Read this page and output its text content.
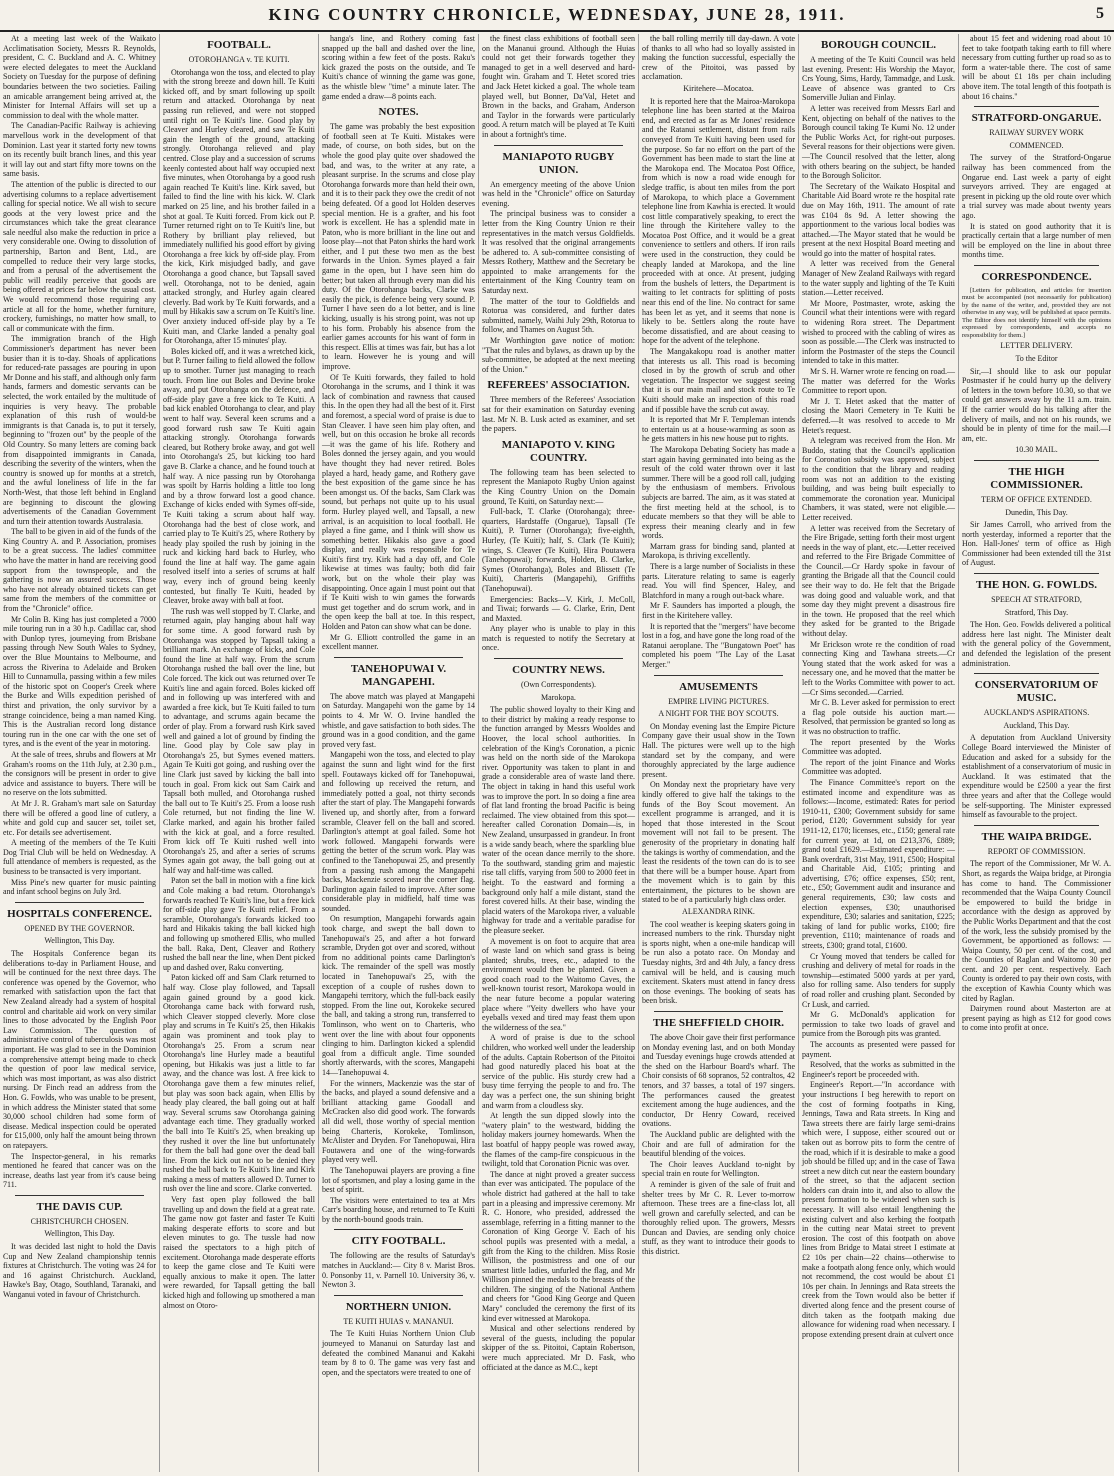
KING COUNTRY CHRONICLE, WEDNESDAY, JUNE 28, 1911.	5

At a meeting last week of the Waikato Acclimatisation Society, Messrs R. Reynolds, president, C. C. Buckland and A. C. Whitney were elected delegates to meet the Auckland Society on Tuesday for the purpose of defining boundaries between the two societies. Failing an amicable arrangement being arrived at, the Minister for Internal Affairs will set up a commission to deal with the whole matter.

The Canadian-Pacific Railway is achieving marvellous work in the development of that Dominion. Last year it started forty new towns on its recently built branch lines, and this year it will lay out and start fifty more towns on the same basis.

The attention of the public is directed to our advertising columns to a replace advertisement calling for special notice. We all wish to secure goods at the very lowest price and the circumstances which take the great clearance sale needful also make the reduction in price a very considerable one. Owing to dissolution of partnership, Barton and Bent, Ltd., are compelled to reduce their very large stocks, and from a perusal of the advertisement the public will readily perceive that goods are being offered at prices far below the usual cost. We would recommend those requiring any article at all for the home, whether furniture, crockery, furnishings, no matter how small, to call or communicate with the firm.

The immigration branch of the High Commissioner's department has never been busier than it is to-day. Shoals of applications for reduced-rate passages are pouring in upon Mr Donne and his staff, and although only farm hands, farmers and domestic servants can be selected, the work entailed by the multitude of inquiries is very heavy. The probable explanation of this rush of would-be immigrants is that Canada is, to put it tersely, beginning to "frozen out" by the people of the Old Country. So many letters are coming back from disappointed immigrants in Canada, describing the severity of the winters, when the country is snowed up for months at a stretch, and the awful loneliness of life in the far North-West, that those left behind in England are beginning to discount the glowing advertisements of the Canadian Government and turn their attention towards Australasia.

The ball to be given in aid of the funds of the King Country A. and P. Association, promises to be a great success. The ladies' committee who have the matter in hand are receiving good support from the townspeople, and the gathering is now an assured success. Those who have not already obtained tickets can get same from the members of the committee or from the "Chronicle" office.

Mr Colin B. King has just completed a 7000 mile touring run in a 30 h.p. Cadillac car, shod with Dunlop tyres, journeying from Brisbane passing through New South Wales to Sydney, over the Blue Mountains to Melbourne, and across the Riverina to Adelaide and Broken Hill to Cunnamulla, passing within a few miles of the historic spot on Cooper's Creek where the Burke and Wills expedition perished of thirst and privation, the only survivor by a strange coincidence, being a man named King. This is the Australian record long distance touring run in the one car with the one set of tyres, and is the event of the year in motoring.

At the sale of trees, shrubs and flowers at Mr Graham's rooms on the 11th July, at 2.30 p.m., the consignors will be present in order to give advice and assistance to buyers. There will be no reserve on the lots submitted.

At Mr J. R. Graham's mart sale on Saturday there will be offered a good line of cutlery, a white and gold cup and saucer set, toilet set, etc. For details see advertisement.

A meeting of the members of the Te Kuiti Dog Trial Club will be held on Wednesday. A full attendance of members is requested, as the business to be transacted is very important.

Miss Pine's new quarter for music painting and infant school begins on July 3rd.

HOSPITALS CONFERENCE.
OPENED BY THE GOVERNOR.
Wellington, This Day.

The Hospitals Conference began its deliberations to-day in Parliament House, and will be continued for the next three days. The conference was opened by the Governor, who remarked with satisfaction upon the fact that New Zealand already had a system of hospital control and charitable aid work on very similar lines to those advocated by the English Poor Law Commission. The question of administrative control of tuberculosis was most important. He was glad to see in the Dominion a comprehensive attempt being made to check the question of poor law medical service, which was most important, as was also district nursing. Dr Finch read an address from the Hon. G. Fowlds, who was unable to be present, in which address the Minister stated that some 30,000 school children had some form of disease. Medical inspection could be operated for £15,000, only half the amount being thrown on ratepayers.

The Inspector-general, in his remarks mentioned he feared that cancer was on the increase, deaths last year from it's cause being 711.

THE DAVIS CUP.
CHRISTCHURCH CHOSEN.
Wellington, This Day.

It was decided last night to hold the Davis Cup and New Zealand championship tennis fixtures at Christchurch. The voting was 24 for and 16 against Christchurch. Auckland, Hawke's Bay, Otago, Southland, Taranaki, and Wanganui voted in favour of Christchurch.

FOOTBALL.
OTOROHANGA v. TE KUITI.

Otorohanga won the toss, and elected to play with the strong breeze and down hill. Te Kuiti kicked off, and by smart following up spoilt return and attacked. Otorohanga by neat passing run relieved, and were not stopped until right on Te Kuiti's line. Good play by Cleaver and Hurley cleared, and saw Te Kuiti gain the length of the ground, attacking strongly. Otorohanga relieved and play centred. Close play and a succession of scrums keenly contested about half way occupied next five minutes, when Otorohanga by a good rush again reached Te Kuiti's line. Kirk saved, but failed to find the line with his kick. W. Clark marked on 25 line, and his brother failed in a shot at goal. Te Kuiti forced. From kick out P. Turner returned right on to Te Kuiti's line, but Rothery by brilliant play relieved, but immediately nullified his good effort by giving Otorohanga a free kick by off-side play. From the kick, Kirk misjudged badly, and gave Otorohanga a good chance, but Tapsall saved well. Otorohanga, not to be denied, again attacked strongly, and Hurley again cleared cleverly. Bad work by Te Kuiti forwards, and a mull by Hikakis saw a scrum on Te Kuiti's line. Over anxiety induced off-side play by a Te Kuiti man, and Clarke landed a penalty goal for Otorohanga, after 15 minutes' play.

Boles kicked off, and it was a wretched kick, but P. Turner failing to field allowed the follow up to smother. Turner just managing to reach touch. From line out Boles and Devine broke away, and put Otorohanga on the defence, and off-side play gave a free kick to Te Kuiti. A bad kick enabled Otorohanga to clear, and play went to half way. Several keen scrums and a good forward rush saw Te Kuiti again attacking strongly. Otorohanga forwards cleared, but Rothery broke away, and got well into Otorohanga's 25, but kicking too hard gave B. Clarke a chance, and he found touch at half way. A nice passing run by Otorohanga was spoilt by Harris holding a little too long and by a throw forward lost a good chance. Exchange of kicks ended with Symes off-side, Te Kuiti taking a scrum about half way. Otorohanga had the best of close work, and carried play to Te Kuiti's 25, where Rothery by heady play spoiled the rush by joining in the ruck and kicking hard back to Hurley, who found the line at half way. The game again resolved itself into a series of scrums at half way, every inch of ground being keenly contested, but finally Te Kuiti, headed by Cleaver, broke away with ball at foot.

The rush was well stopped by T. Clarke, and returned again, play hanging about half way for some time. A good forward rush by Otorohanga was stopped by Tapsall taking a brilliant mark. An exchange of kicks, and Cole found the line at half way. From the scrum Otorohanga rushed the ball over the line, but Cole forced. The kick out was returned over Te Kuiti's line and again forced. Boles kicked off and in following up was interfered with and awarded a free kick, but Te Kuiti failed to turn to advantage, and scrums again became the order of play. From a forward rush Kirk saved well and gained a lot of ground by finding the line. Good play by Cole saw play in Otorohanga's 25, but Symes evened matters. Again Te Kuiti got going, and rushing over the line Clark just saved by kicking the ball into touch in goal. From kick out Sam Cairk and Tapsall both mulled, and Otorohanga rushed the ball out to Te Kuiti's 25. From a loose rush Cole returned, but not finding the line W. Clarke marked, and again his brother failed with the kick at goal, and a force resulted. From kick off Te Kuiti rushed well into Otorohanga's 25, and after a series of scrums Symes again got away, the ball going out at half way and half-time was called.

Paton set the ball in motion with a fine kick and Cole making a bad return. Otorohanga's forwards reached Te Kuiti's line, but a free kick for off-side play gave Te Kuiti relief. From a scramble, Otorohanga's forwards kicked too hard and Hikakis taking the ball kicked high and following up smothered Ellis, who mulled the ball. Raka, Dent, Cleaver and Rothery rushed the ball near the line, when Dent picked up and dashed over, Raku converting.

Paton kicked off and Sam Clark returned to half way. Close play followed, and Tapsall again gained ground by a good kick. Otorohanga came back with forward rush, which Cleaver stopped cleverly. More close play and scrums in Te Kuiti's 25, then Hikakis again was prominent and took play to Otorohanga's 25. From a scrum near Otorohanga's line Hurley made a beautiful opening, but Hikakis was just a little to far away, and the chance was lost. A free kick to Otorohanga gave them a few minutes relief, but play was soon back again, when Ellis by heady play cleared, the ball going out at half way. Several scrums saw Otorohanga gaining advantage each time. They gradually worked the ball into Te Kuiti's 25, when breaking up they rushed it over the line but unfortunately for them the ball had gone over the dead ball line. From the kick out not to be denied they rushed the ball back to Te Kuiti's line and Kirk making a mess of matters allowed D. Turner to rush over the line and score. Clarke converted.

Very fast open play followed the ball travelling up and down the field at a great rate. The game now got faster and faster Te Kuiti making desperate efforts to score and but eleven minutes to go. The tussle had now raised the spectators to a high pitch of excitement. Otorohanga made desperate efforts to keep the game close and Te Kuiti were equally anxious to make it open. The latter were rewarded, for Tapsall getting the ball kicked high and following up smothered a man almost on Otoro-

hanga's line, and Rothery coming fast snapped up the ball and dashed over the line, scoring within a few feet of the posts. Raku's kick grazed the posts on the outside, and Te Kuiti's chance of winning the game was gone, as the whistle blew "time" a minute later. The game ended a draw—8 points each.

NOTES.

The game was probably the best exposition of football seen at Te Kuiti. Mistakes were made, of course, on both sides, but on the whole the good play quite over shadowed the bad, and was, to the writer at any rate, a pleasant surprise. In the scrums and close play Otorohanga forwards more than held their own, and it is to their pack they owe the credit of not being defeated. Of a good lot Holden deserves special mention. He is a grafter, and his foot work is excellent. He has a splendid mate in Paton, who is more brilliant in the line out and loose play—not that Paton shirks the hard work either, and I put these two men as the best forwards in the Union. Symes played a fair game in the open, but I have seen him do better; but taken all through every man did his duty. Of the Otorohanga backs, Clarke was easily the pick, is defence being very sound. P. Turner I have seen do a lot better, and is line kicking, usually is his strong point, was not up to his form. Probably his absence from the earlier games accounts for his want of form in this respect. Ellis at times was fair, but has a lot to learn. However he is young and will improve.

Of Te Kuiti forwards, they failed to hold Otorohanga in the scrums, and I think it was lack of combination and rawness that caused this. In the open they had all the best of it. First and foremost, a special word of praise is due to Stan Cleaver. I have seen him play often, and well, but on this occasion he broke all records—it was the game of his life. Rothery and Boles donned the jersey again, and you would have thought they had never retired. Boles played a hard, heady game, and Rothery gave the best exposition of the game since he has been amongst us. Of the backs, Sam Clark was sound, but perhaps not quite up to his usual form. Hurley played well, and Tapsall, a new arrival, is an acquisition to local football. He played a fine game, and I think will show us something better. Hikakis also gave a good display, and really was responsible for Te Kuiti's first try. Kirk had a day off, and Cole likewise at times was faulty; both did fair work, but on the whole their play was disappointing. Once again I must point out that if Te Kuiti wish to win games the forwards must get together and do scrum work, and in the open keep the ball at toe. In this respect, Holden and Paton can show what can be done.

Mr G. Elliott controlled the game in an excellent manner.

TANEHOPUWAI V. MANGAPEHI.

The above match was played at Mangapehi on Saturday. Mangapehi won the game by 14 points to 4. Mr W. O. Irvine handled the whistle, and gave satisfaction to both sides. The ground was in a good condition, and the game proved very fast.

Mangapehi won the toss, and elected to play against the sunn and light wind for the first spell. Foutaways kicked off for Tanehopuwai, and following up received the return, and immediately potted a goal, not thirty seconds after the start of play. The Mangapehi forwards livened up, and shortly after, from a forward scramble, Cleaver fell on the ball and scored. Darlington's attempt at goal failed. Some hot work followed. Mangapehi forwards were getting the better of the scrum work. Play was confined to the Tanehopuwai 25, and presently from a passing rush among the Mangapehi backs, Mackenzie scored near the corner flag. Darlington again failed to improve. After some considerable play in midfield, half time was sounded.

On resumption, Mangapehi forwards again took charge, and swept the ball down to Tanehopuwai's 25, and after a hot forward scramble, Dryden got over and scored, without from no additional points came Darlington's kick. The remainder of the spell was mostly located in Tanehopuwai's 25, with the exception of a couple of rushes down to Mangapehi territory, which the full-back easily stopped. From the line out, Korokeke secured the ball, and taking a strong run, transferred to Tomlinson, who went on to Charteris, who went over the line with about four opponents clinging to him. Darlington kicked a splendid goal from a difficult angle. Time sounded shortly afterwards, with the scores, Mangapehi 14—Tanehopuwai 4.

For the winners, Mackenzie was the star of the backs, and played a sound defensive and a brilliant attacking game Goodall and McCracken also did good work. The forwards all did well, those worthy of special mention being Charteris, Korokeke, Tomlinson, McAlister and Dryden. For Tanehopuwai, Hira Foutawera and one of the wing-forwards played very well.

The Tanehopuwai players are proving a fine lot of sportsmen, and play a losing game in the best of spirit.

The visitors were entertained to tea at Mrs Carr's boarding house, and returned to Te Kuiti by the north-bound goods train.

CITY FOOTBALL.

The following are the results of Saturday's matches in Auckland:— City 8 v. Marist Bros. 0. Ponsonby 11, v. Parnell 10. University 36, v. Newton 3.

NORTHERN UNION.
TE KUITI HUIAS v. MANANUI.

The Te Kuiti Huias Northern Union Club journeyed to Mananui on Saturday last and defeated the combined Mananui and Kakahi team by 8 to 0. The game was very fast and open, and the spectators were treated to one of

the finest class exhibitions of football seen on the Mananui ground. Although the Huias could not get their forwards together they managed to get in a well deserved and hard-fought win. Graham and T. Hetet scored tries and Jack Hetet kicked a goal. The whole team played well, but Bonner, Da'Val, Hetet and Brown in the backs, and Graham, Anderson and Taylor in the forwards were particularly good. A return match will be played at Te Kuiti in about a fortnight's time.

MANIAPOTO RUGBY UNION.

An emergency meeting of the above Union was held in the "Chronicle" office on Saturday evening.

The principal business was to consider a letter from the King Country Union re their representatives in the match versus Goldfields. It was resolved that the original arrangements be adhered to. A sub-committee consisting of Messrs Rothery, Matthew and the Secretary be appointed to make arrangements for the entertainment of the King Country team on Saturday next.

The matter of the tour to Goldfields and Rotorua was considered, and further dates submitted, namely, Waihi July 29th, Rotorua to follow, and Thames on August 5th.

Mr Worthington gave notice of motion: "That the rules and bylaws, as drawn up by the sub-committee, be adopted at the next meeting of the Union."

REFEREES' ASSOCIATION.

Three members of the Referees' Association sat for their examination on Saturday evening last. Mr N. B. Lusk acted as examiner, and set the papers.

MANIAPOTO V. KING COUNTRY.

The following team has been selected to represent the Maniapoto Rugby Union against the King Country Union on the Domain ground, Te Kuiti, on Saturday next:—

Full-back, T. Clarke (Otorohanga); three-quarters, Hardstaffe (Ongarue), Tapsall (Te Kuiti), P. Turner (Otorohanga); five-eighth, Hurley, (Te Kuiti); half, S. Clark (Te Kuiti); wings, S. Cleaver (Te Kuiti), Hira Poutawera (Tanehopuwai); forwards, Holden, B. Clarke, Symes (Otorohanga), Boles and Blissett (Te Kuiti), Charteris (Mangapehi), Griffiths (Tanehopuwai).

Emergencies: Backs—V. Kirk, J. McColl, and Tiwai; forwards — G. Clarke, Erin, Dent and Maxted.

Any player who is unable to play in this match is requested to notify the Secretary at once.

COUNTRY NEWS.
(Own Correspondents).
Marokopa.

The public showed loyalty to their King and to their district by making a ready response to the function arranged by Messrs Wooldes and Hoover, the local school authorities. In celebration of the King's Coronation, a picnic was held on the north side of the Marokopa river. Opportunity was taken to plant in and grade a considerable area of waste land there. The object in taking in hand this useful work was to improve the port. In so doing a fine area of flat land fronting the broad Pacific is being reclaimed. The view obtained from this spot—hereafter called Coronation Domain—is, in New Zealand, unsurpassed in grandeur. In front is a wide sandy beach, where the sparkling blue water of the ocean dance merrily to the shore. To the southward, standing grim and majestic rise tall cliffs, varying from 500 to 2000 feet in height. To the eastward and forming a background only half a mile distant, stand the forest covered hills. At their base, winding the placid waters of the Marokopa river, a valuable highway for trade and a veritable paradise for the pleasure seeker.

A movement is on foot to acquire that area of waste land on which sand grass is being planted; shrubs, trees, etc., adapted to the environment would then be planted. Given a good coach road to the Waitomo Caves, the well-known tourist resort, Marokopa would in the near future become a popular watering place where "Yeity dwellers who have your eyeballs vexed and tired may feast them upon the wilderness of the sea."

A word of praise is due to the school children, who worked well under the leadership of the adults. Captain Robertson of the Pitoitoi had good naturedly placed his boat at the service of the public. His sturdy crew had a busy time ferrying the people to and fro. The day was a perfect one, the sun shining bright and warm from a cloudless sky.

At length the sun dipped slowly into the "watery plain" to the westward, bidding the holiday makers journey homewards. When the last boatful of happy people was rowed away, the flames of the camp-fire conspicuous in the twilight, told that Coronation Picnic was over.

The dance at night proved a greater success than ever was anticipated. The populace of the whole district had gathered at the hall to take part in a pleasing and impressive ceremony. Mr R. C. Honore, who presided, addressed the assemblage, referring in a fitting manner to the Coronation of King George V. Each of his school pupils was presented with a medal, a gift from the King to the children. Miss Rosie Willison, the postmistress and one of our smartest little ladies, unfurled the flag, and Mr Willison pinned the medals to the breasts of the children. The singing of the National Anthem and cheers for "Good King George and Queen Mary" concluded the ceremony the first of its kind ever witnessed at Marokopa.

Musical and other selections rendered by several of the guests, including the popular skipper of the ss. Pitoitoi, Captain Robertson, were much appreciated. Mr D. Fask, who officiated at the dance as M.C., kept

the ball rolling merrily till day-dawn. A vote of thanks to all who had so loyally assisted in making the function successful, especially the crew of the Pitoitoi, was passed by acclamation.

Kiritehere—Mocatoa.

It is reported here that the Mairoa-Marokopa telephone line has been started at the Mairoa end, and erected as far as Mr Jones' residence and the Ratanui settlement, distant from rails conveyed from Te Kuiti having been used for the purpose. So far no effort on the part of the Government has been made to start the line at the Marokopa end. The Mocatoa Post Office, from which is now a road wide enough for sledge traffic, is about ten miles from the port of Marokopa, to which place a Government telephone line from Kawhia is erected. It would cost little comparatively speaking, to erect the line through the Kiritehere valley to the Mocatoa Post Office, and it would be a great convenience to settlers and others. If iron rails were used in the construction, they could be cheaply landed at Marokopa, and the line proceeded with at once. At present, judging from the bushels of letters, the Department is waiting to let contracts for splitting of posts near this end of the line. No contract for same has been let as yet, and it seems that none is likely to be. Settlers along the route have become dissatisfied, and are about ceasing to hope for the advent of the telephone.

The Mangakakopu road is another matter that interests us all. This road is becoming closed in by the growth of scrub and other vegetation. The Inspector we suggest seeing that it is our main mail and stock route to Te Kuiti should make an inspection of this road and if possible have the scrub cut away.

It is reported that Mr F. Templeman intends to entertain us at a house-warming as soon as he gets matters in his new house put to rights.

The Marokopa Debating Society has made a start again having germinated into being as the result of the cold water thrown over it last summer. There will be a good roll call, judging by the enthusiasm of members. Frivolous subjects are barred. The aim, as it was stated at the first meeting held at the school, is to educate members so that they will be able to express their meaning clearly and in few words.

Marram grass for binding sand, planted at Marokopa, is thriving excellently.

There is a large number of Socialists in these parts. Literature relating to same is eagerly read. You will find Spencer, Haley, and Blatchford in many a rough out-back whare.

Mr F. Saunders has imported a plough, the first in the Kiritehere valley.

It is reported that the "mergers" have become lost in a fog, and have gone the long road of the Ratanui aeroplane. The "Bungatown Poet" has completed his poem "The Lay of the Lasat Merger."

AMUSEMENTS
EMPIRE LIVING PICTURES.
A NIGHT FOR THE BOY SCOUTS.

On Monday evening last the Empire Picture Company gave their usual show in the Town Hall. The pictures were well up to the high standard set by the company, and were thoroughly appreciated by the large audience present.

On Monday next the proprietary have very kindly offered to give half the takings to the funds of the Boy Scout movement. An excellent programme is arranged, and it is hoped that those interested in the Scout movement will not fail to be present. The generosity of the proprietary in donating half the takings is worthy of commendation, and the least the residents of the town can do is to see that there will be a bumper house. Apart from the movement which is to gain by this entertainment, the pictures to be shown are stated to be of a particularly high class order.

ALEXANDRA RINK.

The cool weather is keeping skaters going in increased numbers to the rink. Thursday night is sports night, when a one-mile handicap will be run also a potato race. On Monday and Tuesday nights, 3rd and 4th July, a fancy dress carnival will be held, and is causing much excitement. Skaters must attend in fancy dress on those evenings. The booking of seats has been brisk.

THE SHEFFIELD CHOIR.

The above Choir gave their first performance on Monday evening last, and on both Monday and Tuesday evenings huge crowds attended at the shed on the Harbour Board's wharf. The Choir consists of 68 sopranos, 52 contraltos, 42 tenors, and 37 basses, a total of 197 singers. The performances caused the greatest excitement among the huge audiences, and the conductor, Dr Henry Coward, received ovations.

The Auckland public are delighted with the Choir and are full of admiration for the beautiful blending of the voices.

The Choir leaves Auckland to-night by special train en route for Wellington.

A reminder is given of the sale of fruit and shelter trees by Mr C. R. Lever to-morrow afternoon. These trees are a fine-class lot, all well grown and carefully selected, and can be thoroughly relied upon. The growers, Messrs Duncan and Davies, are sending only choice stuff, as they want to introduce their goods to this district.

BOROUGH COUNCIL.

A meeting of the Te Kuiti Council was held last evening. Present: His Worship the Mayor, Crs Young, Sims, Hardy, Tammadge, and Lusk. Leave of absence was granted to Crs Somerville Julian and Finlay.

A letter was received from Messrs Earl and Kent, objecting on behalf of the natives to the Borough council taking Te Kumi No. 12 under the Public Works Act, for right-out purposes. Several reasons for their objections were given.—The Council resolved that the letter, along with others bearing on the subject, be handed to the Borough Solicitor.

The Secretary of the Waikato Hospital and Charitable Aid Board wrote re the hospital rate due on May 16th, 1911. The amount of rate was £104 8s 9d. A letter showing the apportionment to the various local bodies was attached.—The Mayor stated that he would be present at the next Hospital Board meeting and would go into the matter of hospital rates.

A letter was received from the General Manager of New Zealand Railways with regard to the water supply and lighting of the Te Kuiti station.—Letter received.

Mr Moore, Postmaster, wrote, asking the Council what their intentions were with regard to widening Rora street. The Department wished to proceed with the cabling of wires as soon as possible.—The Clerk was instructed to inform the Postmaster of the steps the Council intended to take in this matter.

Mr S. H. Warner wrote re fencing on road.—The matter was deferred for the Works Committee to report upon.

Mr J. T. Hetet asked that the matter of closing the Maori Cemetery in Te Kuiti be deferred.—It was resolved to accede to Mr Hetet's request.

A telegram was received from the Hon. Mr Buddo, stating that the Council's application for Coronation subsidy was approved, subject to the condition that the library and reading room was not an addition to the existing building, and was being built especially to commemorate the coronation year. Municipal Chambers, it was stated, were not eligible.—Letter received.

A letter was received from the Secretary of the Fire Brigade, setting forth their most urgent needs in the way of plant, etc.—Letter received and referred to the Fire Brigade Committee of the Council.—Cr Hardy spoke in favour of granting the Brigade all that the Council could see their way to do. He felt that the Brigade was doing good and valuable work, and that some day they might prevent a disastrous fire in the town. He proposed that the reel which they asked for be granted to the Brigade without delay.

Mr Erickson wrote re the condition of road connecting King and Tawhana streets.—Cr Young stated that the work asked for was a necessary one, and he moved that the matter be left to the Works Committee with power to act.—Cr Sims seconded.—Carried.

Mr C. B. Lever asked for permission to erect a flag pole outside his auction mart.—Resolved, that permission be granted so long as it was no obstruction to traffic.

The report presented by the Works Committee was adopted.

The report of the joint Finance and Works Committee was adopted.

The Finance Committee's report on the estimated income and expenditure was as follows:—Income, estimated: Rates for period 1910-11, £300; Government subsidy for same period, £120; Government subsidy for year 1911-12, £170; licenses, etc., £150; general rate for current year, at 1d, on £213,376, £889; grand total £1629.—Estimated expenditure: —Bank overdraft, 31st May, 1911, £500; Hospital and Charitable Aid, £105; printing and advertising, £76; office expenses, £50; rent, etc., £50; Government audit and insurance and general requirements, £30; law costs and election expenses, £30; unauthorised expenditure, £30; salaries and sanitation, £225; taking of land for public works, £100; fire prevention, £110; maintenance of roads and streets, £300; grand total, £1600.

Cr Young moved that tenders be called for crushing and delivery of metal for roads in the township—estimated 5000 yards at per yard, also for rolling same. Also tenders for supply of road roller and crushing plant. Seconded by Cr Lusk, and carried.

Mr G. McDonald's application for permission to take two loads of gravel and pumice from the Borough pits was granted.

The accounts as presented were passed for payment.

Resolved, that the works as submitted in the Engineer's report be proceeded with.

Engineer's Report.—"In accordance with your instructions I beg herewith to report on the cost of forming footpaths in King, Jennings, Tawa and Rata streets. In King and Tawa streets there are fairly large semi-drains which were, I suppose, either scoured out or taken out as borrow pits to form the centre of the road, which if it is desirable to make a good job should be filled up; and in the case of Tawa street a new ditch cut near the eastern boundary of the street, so that the adjacent section holders can drain into it, and also to allow the present formation to be widened when such is necessary. It will also entail lengthening the existing culvert and also kerbing the footpath in the cutting near Matai street to prevent erosion. The cost of this footpath on above lines from Bridge to Matai street I estimate at £2 10s per chain—22 chains—otherwise to make a footpath along fence only, which would not recommend, the cost would be about £1 10s per chain. In Jennings and Rata streets the creek from the Town would also be better if diverted along fence and the present course of ditch taken as the footpath making due allowance for widening road when necessary. I propose extending present drain at culvert once

about 15 feet and widening road about 10 feet to take footpath taking earth to fill where necessary from cutting further up road so as to form a water-table there. The cost of same will be about £1 18s per chain including above item. The total length of this footpath is about 16 chains."

STRATFORD-ONGARUE.
RAILWAY SURVEY WORK
COMMENCED.

The survey of the Stratford-Ongarue railway has been commenced from the Ongarue end. Last week a party of eight surveyors arrived. They are engaged at present in picking up the old route over which a trial survey was made about twenty years ago.

It is stated on good authority that it is practically certain that a large number of men will be employed on the line in about three months time.

CORRESPONDENCE.

[Letters for publication, and articles for insertion must be accompanied (not necessarily for publication) by the name of the writer, and, provided they are not otherwise in any way, will be published at space permits. The Editor does not identify himself with the opinions expressed by correspondents, and accepts no responsibility for them.]

LETTER DELIVERY.
To the Editor

Sir,—I should like to ask our popular Postmaster if he could hurry up the delivery of letters in the town before 10.30, so that we could get answers away by the 11 a.m. train. If the carrier would do his talking after the delivery of mails, and not on his rounds, we should be in plenty of time for the mail.—I am, etc.

10.30 MAIL.
THE HIGH COMMISSIONER.
TERM OF OFFICE EXTENDED.
Dunedin, This Day.

Sir James Carroll, who arrived from the north yesterday, informed a reporter that the Hon. Hall-Jones' term of office as High Commissioner had been extended till the 31st of August.

THE HON. G. FOWLDS.
SPEECH AT STRATFORD,
Stratford, This Day.

The Hon. Geo. Fowlds delivered a political address here last night. The Minister dealt with the general policy of the Government, and defended the legislation of the present administration.

CONSERVATORIUM OF MUSIC.
AUCKLAND'S ASPIRATIONS.
Auckland, This Day.

A deputation from Auckland University College Board interviewed the Minister of Education and asked for a subsidy for the establishment of a conservatorium of music in Auckland. It was estimated that the expenditure would be £2500 a year the first three years and after that the College would be self-supporting. The Minister expressed himself as favourable to the project.

THE WAIPA BRIDGE.
REPORT OF COMMISSION.

The report of the Commissioner, Mr W. A. Short, as regards the Waipa bridge, at Pirongia has come to hand. The Commissioner recommended that the Waipa County Council be empowered to build the bridge in accordance with the design as approved by the Public Works Department and that the cost of the work, less the subsidy promised by the Government, be apportioned as follows: — Waipa County, 50 per cent. of the cost, and the Counties of Raglan and Waitomo 30 per cent. and 20 per cent. respectively. Each County is ordered to pay their own costs, with the exception of Kawhia County which was cited by Raglan.

Dairymen round about Masterton are at present paying as high as £12 for good cows to come into profit at once.
